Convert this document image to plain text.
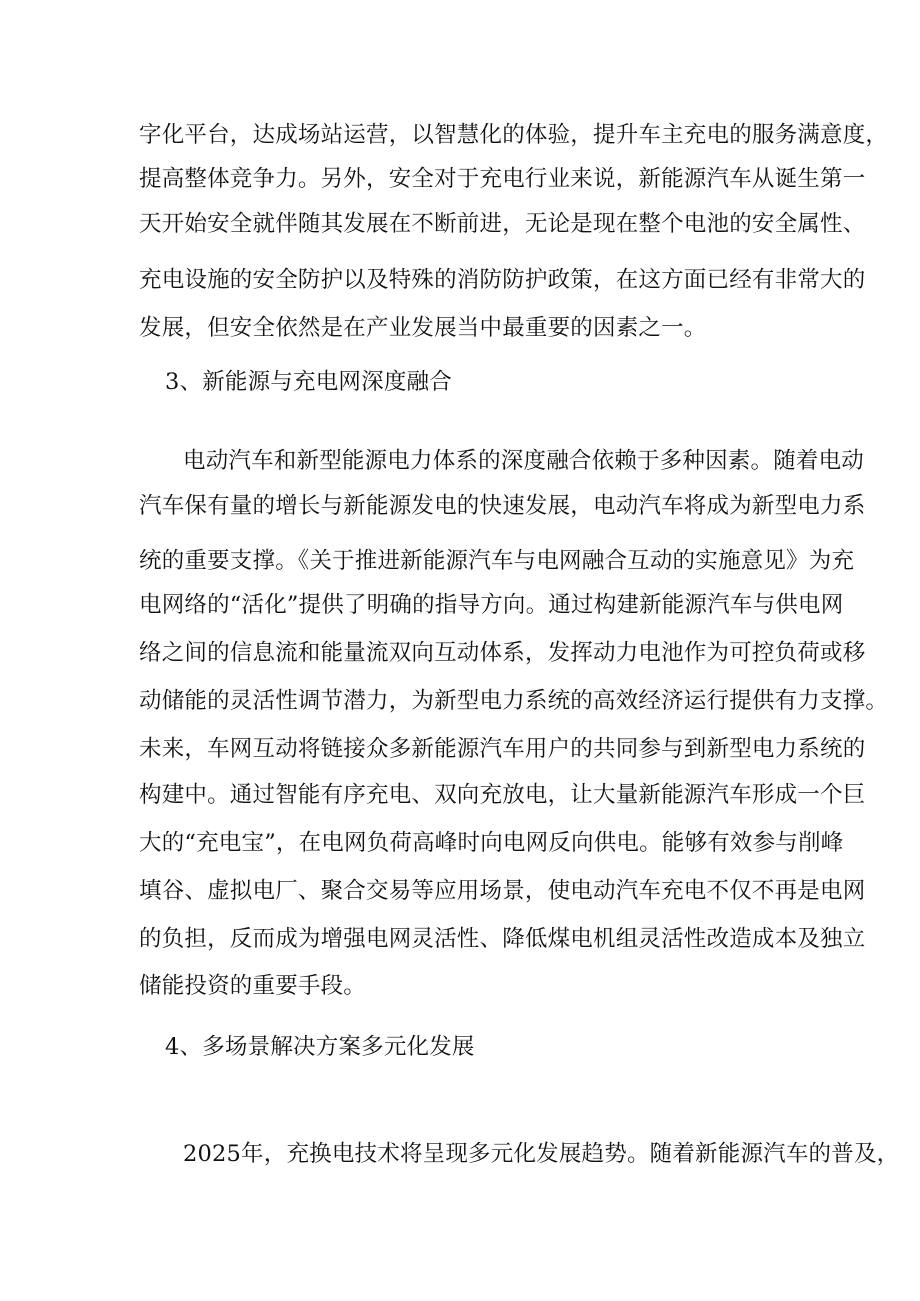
字化平台，达成场站运营，以智慧化的体验，提升车主充电的服务满意度，
提高整体竞争力。另外，安全对于充电行业来说，新能源汽车从诞生第一
天开始安全就伴随其发展在不断前进，无论是现在整个电池的安全属性、
充电设施的安全防护以及特殊的消防防护政策，在这方面已经有非常大的
发展，但安全依然是在产业发展当中最重要的因素之一。
3、新能源与充电网深度融合
电动汽车和新型能源电力体系的深度融合依赖于多种因素。随着电动
汽车保有量的增长与新能源发电的快速发展，电动汽车将成为新型电力系
统的重要支撑。《关于推进新能源汽车与电网融合互动的实施意见》为充
电网络的“活化”提供了明确的指导方向。通过构建新能源汽车与供电网
络之间的信息流和能量流双向互动体系，发挥动力电池作为可控负荷或移
动储能的灵活性调节潜力，为新型电力系统的高效经济运行提供有力支撑。
未来，车网互动将链接众多新能源汽车用户的共同参与到新型电力系统的
构建中。通过智能有序充电、双向充放电，让大量新能源汽车形成一个巨
大的“充电宝”，在电网负荷高峰时向电网反向供电。能够有效参与削峰
填谷、虚拟电厂、聚合交易等应用场景，使电动汽车充电不仅不再是电网
的负担，反而成为增强电网灵活性、降低煤电机组灵活性改造成本及独立
储能投资的重要手段。
4、多场景解决方案多元化发展
2025年，充换电技术将呈现多元化发展趋势。随着新能源汽车的普及，
